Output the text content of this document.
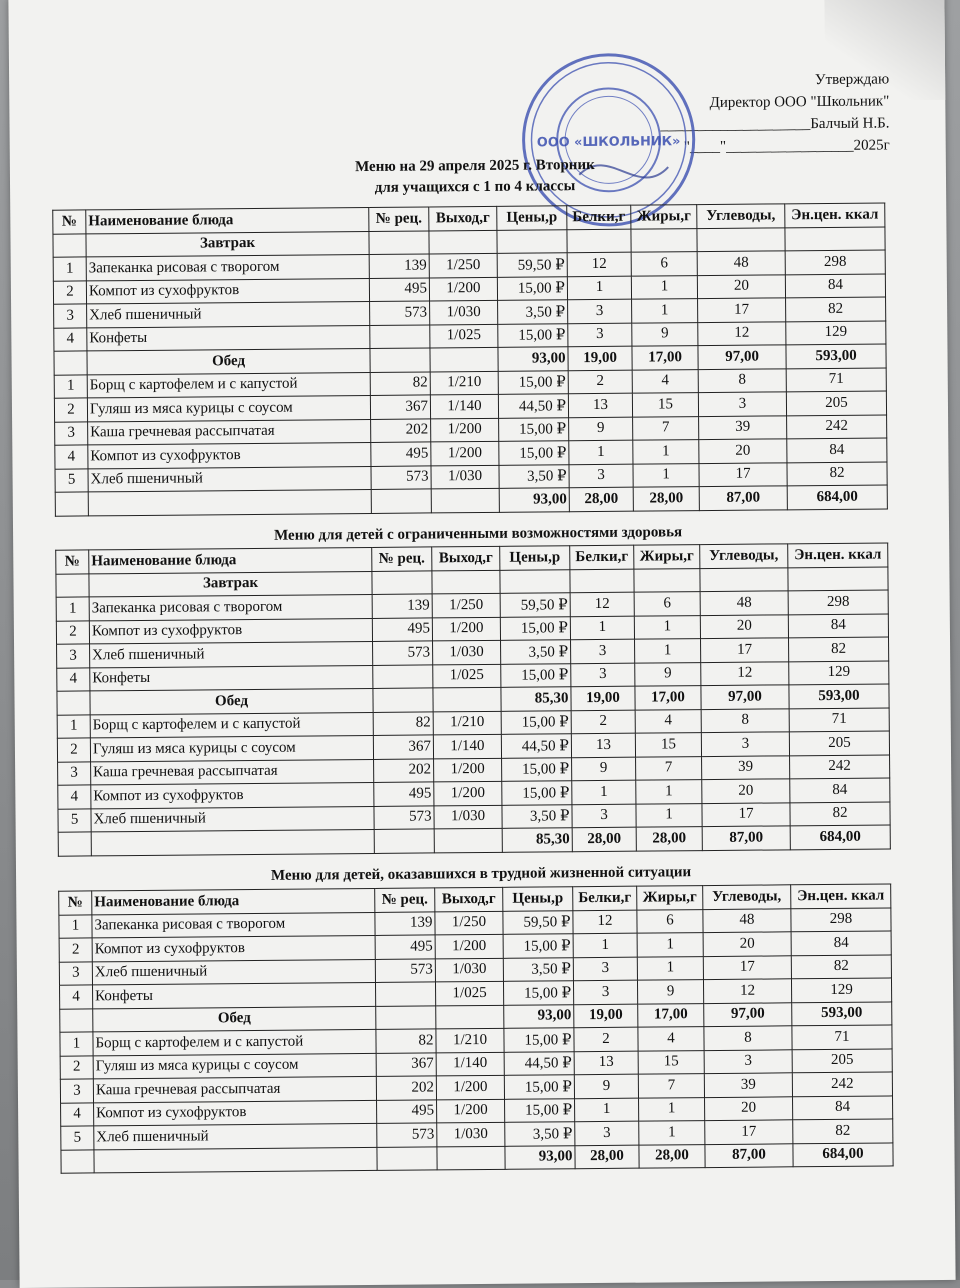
Утверждаю
Директор ООО "Школьник"
____________________Балчый Н.Б.
"____"_________________2025г
ООО «ШКОЛЬНИК»
Меню на 29 апреля 2025 г. Вторник
для учащихся с 1 по 4 классы
№	Наименование блюда	№ рец.	Выход,г	Цены,р	Белки,г	Жиры,г	Углеводы,	Эн.цен. ккал
	Завтрак							
1	Запеканка рисовая с творогом	139	1/250	59,50 ₽	12	6	48	298
2	Компот из сухофруктов	495	1/200	15,00 ₽	1	1	20	84
3	Хлеб пшеничный	573	1/030	3,50 ₽	3	1	17	82
4	Конфеты		1/025	15,00 ₽	3	9	12	129
	Обед			93,00	19,00	17,00	97,00	593,00
1	Борщ с картофелем и с капустой	82	1/210	15,00 ₽	2	4	8	71
2	Гуляш из мяса курицы с соусом	367	1/140	44,50 ₽	13	15	3	205
3	Каша гречневая рассыпчатая	202	1/200	15,00 ₽	9	7	39	242
4	Компот из сухофруктов	495	1/200	15,00 ₽	1	1	20	84
5	Хлеб пшеничный	573	1/030	3,50 ₽	3	1	17	82
				93,00	28,00	28,00	87,00	684,00
Меню для детей с ограниченными возможностями здоровья
№	Наименование блюда	№ рец.	Выход,г	Цены,р	Белки,г	Жиры,г	Углеводы,	Эн.цен. ккал
	Завтрак							
1	Запеканка рисовая с творогом	139	1/250	59,50 ₽	12	6	48	298
2	Компот из сухофруктов	495	1/200	15,00 ₽	1	1	20	84
3	Хлеб пшеничный	573	1/030	3,50 ₽	3	1	17	82
4	Конфеты		1/025	15,00 ₽	3	9	12	129
	Обед			85,30	19,00	17,00	97,00	593,00
1	Борщ с картофелем и с капустой	82	1/210	15,00 ₽	2	4	8	71
2	Гуляш из мяса курицы с соусом	367	1/140	44,50 ₽	13	15	3	205
3	Каша гречневая рассыпчатая	202	1/200	15,00 ₽	9	7	39	242
4	Компот из сухофруктов	495	1/200	15,00 ₽	1	1	20	84
5	Хлеб пшеничный	573	1/030	3,50 ₽	3	1	17	82
				85,30	28,00	28,00	87,00	684,00
Меню для детей, оказавшихся в трудной жизненной ситуации
№	Наименование блюда	№ рец.	Выход,г	Цены,р	Белки,г	Жиры,г	Углеводы,	Эн.цен. ккал
1	Запеканка рисовая с творогом	139	1/250	59,50 ₽	12	6	48	298
2	Компот из сухофруктов	495	1/200	15,00 ₽	1	1	20	84
3	Хлеб пшеничный	573	1/030	3,50 ₽	3	1	17	82
4	Конфеты		1/025	15,00 ₽	3	9	12	129
	Обед			93,00	19,00	17,00	97,00	593,00
1	Борщ с картофелем и с капустой	82	1/210	15,00 ₽	2	4	8	71
2	Гуляш из мяса курицы с соусом	367	1/140	44,50 ₽	13	15	3	205
3	Каша гречневая рассыпчатая	202	1/200	15,00 ₽	9	7	39	242
4	Компот из сухофруктов	495	1/200	15,00 ₽	1	1	20	84
5	Хлеб пшеничный	573	1/030	3,50 ₽	3	1	17	82
				93,00	28,00	28,00	87,00	684,00
